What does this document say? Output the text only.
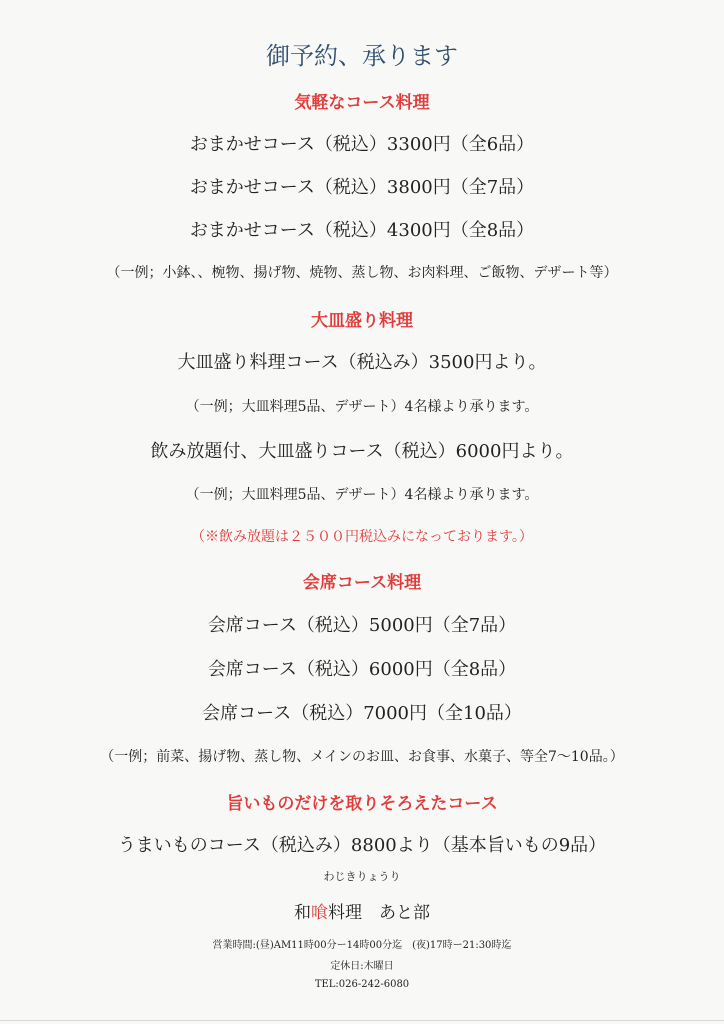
御予約、承ります
気軽なコース料理
おまかせコース（税込）3300円（全6品）
おまかせコース（税込）3800円（全7品）
おまかせコース（税込）4300円（全8品）
（一例；小鉢、、椀物、揚げ物、焼物、蒸し物、お肉料理、ご飯物、デザート等）
大皿盛り料理
大皿盛り料理コース（税込み）3500円より。
（一例；大皿料理5品、デザート）4名様より承ります。
飲み放題付、大皿盛りコース（税込）6000円より。
（一例；大皿料理5品、デザート）4名様より承ります。
（※飲み放題は２５００円税込みになっております。）
会席コース料理
会席コース（税込）5000円（全7品）
会席コース（税込）6000円（全8品）
会席コース（税込）7000円（全10品）
（一例；前菜、揚げ物、蒸し物、メインのお皿、お食事、水菓子、等全7～10品。）
旨いものだけを取りそろえたコース
うまいものコース（税込み）8800より（基本旨いもの9品）
わじきりょうり
和喰料理　あと部
営業時間:(昼)AM11時00分ー14時00分迄　(夜)17時ー21:30時迄
定休日:木曜日
TEL:026-242-6080
